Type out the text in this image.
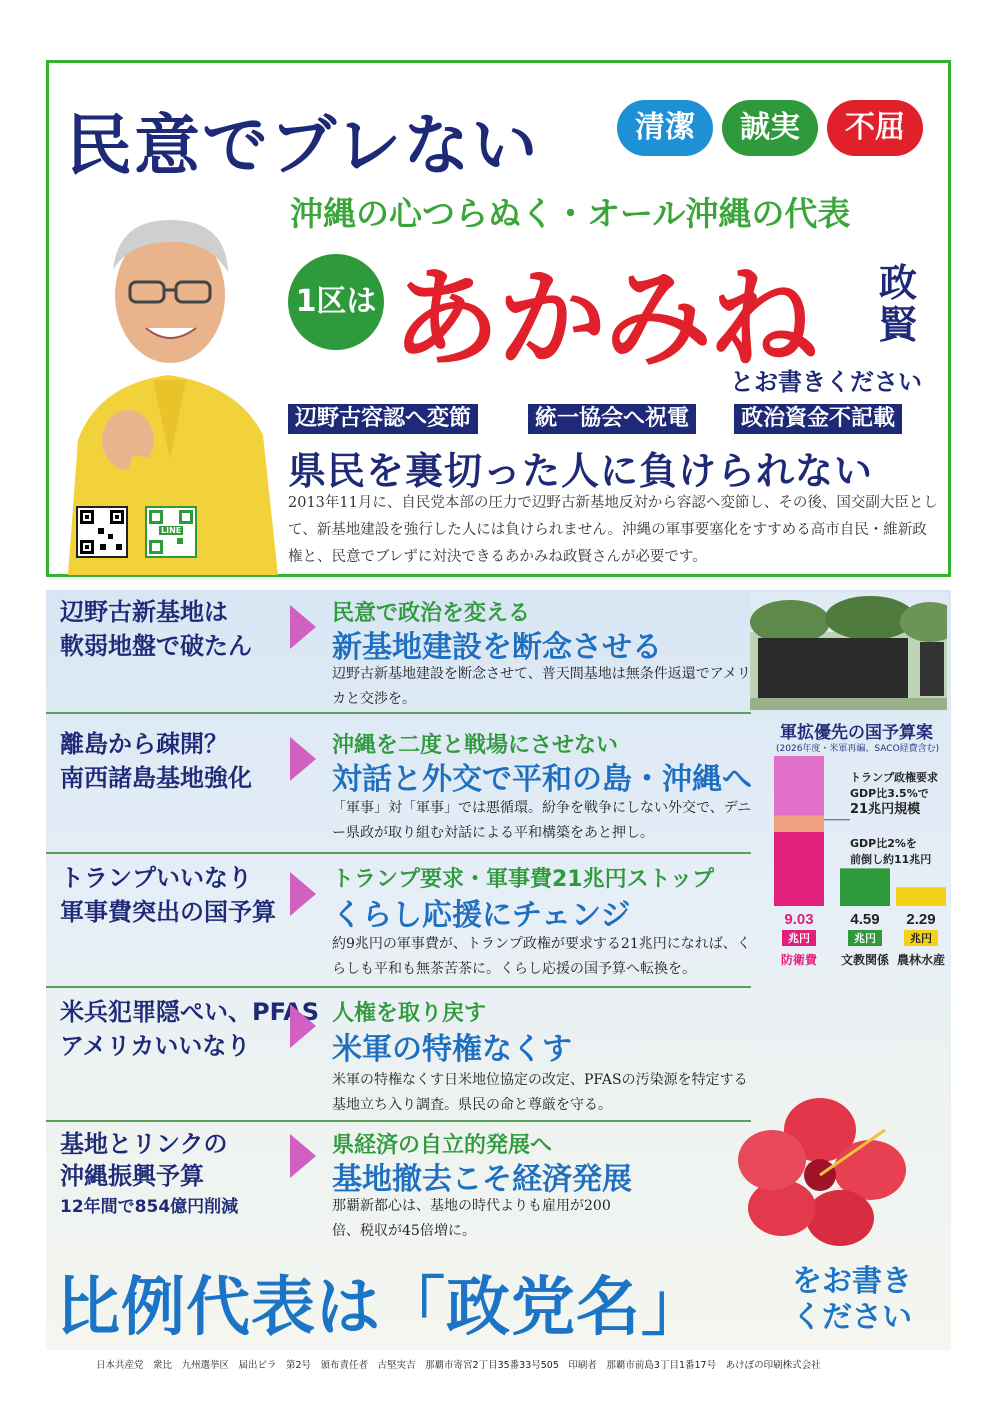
民意でブレない	清潔	誠実	不屈
沖縄の心つらぬく・オール沖縄の代表
LINE
1区は あかみね 政賢
とお書きください
辺野古容認へ変節	統一協会へ祝電	政治資金不記載
県民を裏切った人に負けられない
2013年11月に、自民党本部の圧力で辺野古新基地反対から容認へ変節し、その後、国交副大臣として、新基地建設を強行した人には負けられません。沖縄の軍事要塞化をすすめる高市自民・維新政権と、民意でブレずに対決できるあかみね政賢さんが必要です。
辺野古新基地は
軟弱地盤で破たん
民意で政治を変える
新基地建設を断念させる
辺野古新基地建設を断念させて、普天間基地は無条件返還でアメリカと交渉を。
離島から疎開？
南西諸島基地強化
沖縄を二度と戦場にさせない
対話と外交で平和の島・沖縄へ
「軍事」対「軍事」では悪循環。紛争を戦争にしない外交で、デニー県政が取り組む対話による平和構築をあと押し。
トランプいいなり
軍事費突出の国予算
トランプ要求・軍事費21兆円ストップ
くらし応援にチェンジ
約9兆円の軍事費が、トランプ政権が要求する21兆円になれば、くらしも平和も無茶苦茶に。くらし応援の国予算へ転換を。
米兵犯罪隠ぺい、PFAS
アメリカいいなり
人権を取り戻す
米軍の特権なくす
米軍の特権なくす日米地位協定の改定、PFASの汚染源を特定する基地立ち入り調査。県民の命と尊厳を守る。
基地とリンクの
沖縄振興予算
12年間で854億円削減
県経済の自立的発展へ
基地撤去こそ経済発展
那覇新都心は、基地の時代よりも雇用が200倍、税収が45倍増に。
軍拡優先の国予算案
(2026年度・米軍再編、SACO経費含む)
9.03
兆円
防衛費
4.59
兆円
文教関係
2.29
兆円
農林水産
トランプ政権要求
GDP比3.5%で
21兆円規模
GDP比2%を
前倒し約11兆円
比例代表は「政党名」	をお書き
ください
日本共産党　衆比　九州選挙区　届出ビラ　第2号　頒布責任者　古堅実吉　那覇市寄宮2丁目35番33号505　印刷者　那覇市前島3丁目1番17号　あけぼの印刷株式会社
